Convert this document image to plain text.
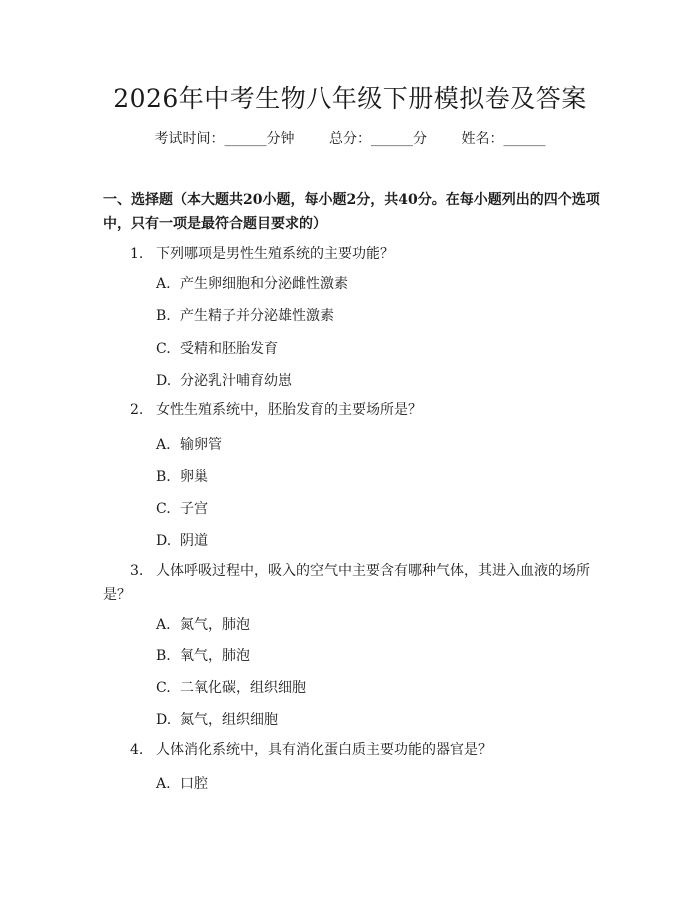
2026年中考生物八年级下册模拟卷及答案
考试时间：______分钟 总分：______分 姓名：______
一、选择题（本大题共20小题，每小题2分，共40分。在每小题列出的四个选项中，只有一项是最符合题目要求的）
1. 下列哪项是男性生殖系统的主要功能？
A. 产生卵细胞和分泌雌性激素
B. 产生精子并分泌雄性激素
C. 受精和胚胎发育
D. 分泌乳汁哺育幼崽
2. 女性生殖系统中，胚胎发育的主要场所是？
A. 输卵管
B. 卵巢
C. 子宫
D. 阴道
3. 人体呼吸过程中，吸入的空气中主要含有哪种气体，其进入血液的场所
是？
A. 氮气，肺泡
B. 氧气，肺泡
C. 二氧化碳，组织细胞
D. 氮气，组织细胞
4. 人体消化系统中，具有消化蛋白质主要功能的器官是？
A. 口腔
